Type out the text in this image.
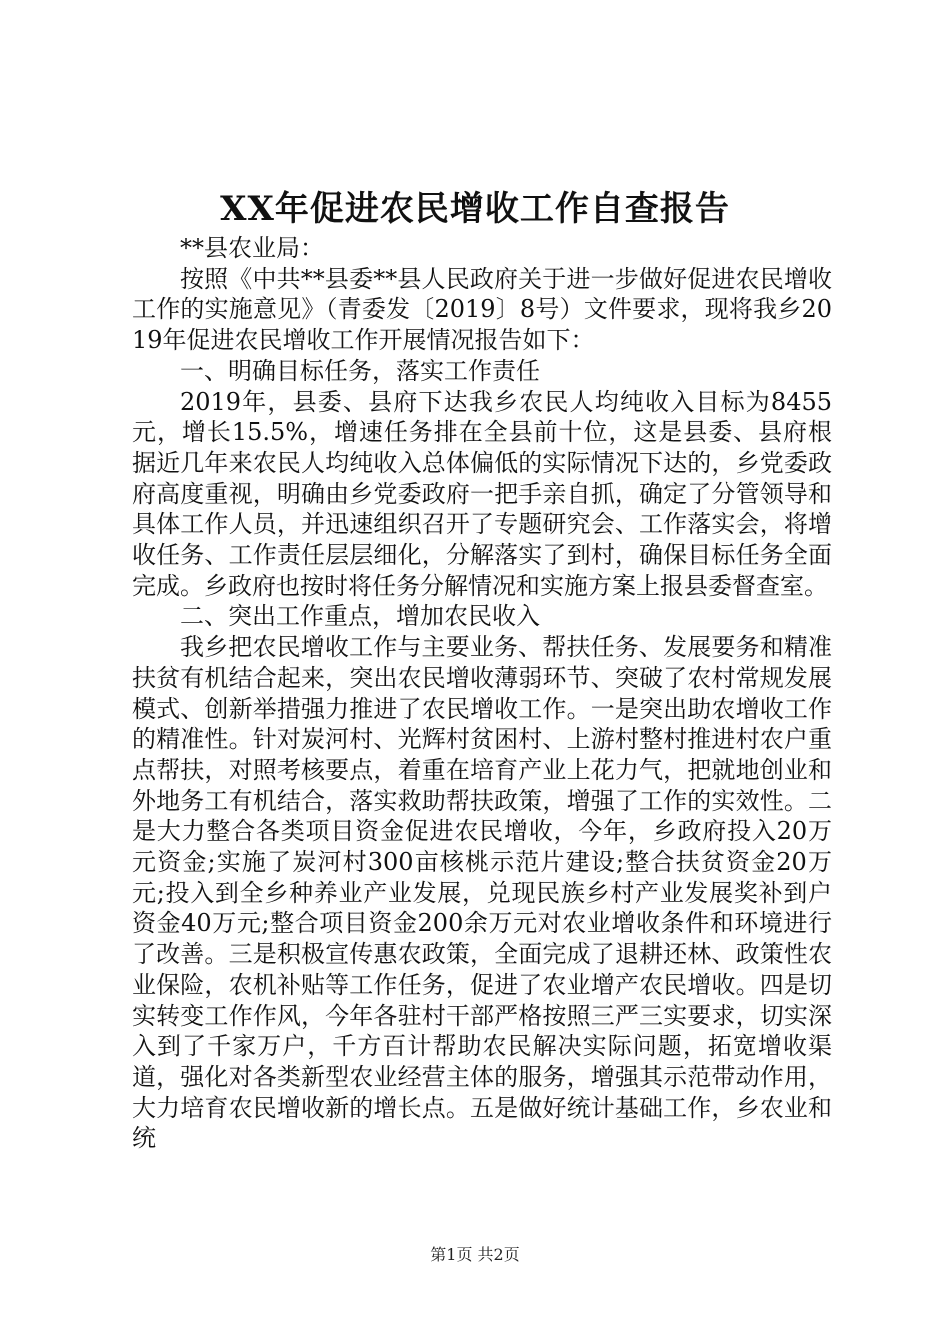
XX年促进农民增收工作自查报告

**县农业局：

按照《中共**县委**县人民政府关于进一步做好促进农民增收工作的实施意见》（青委发〔2019〕8号）文件要求，现将我乡2019年促进农民增收工作开展情况报告如下：

一、明确目标任务，落实工作责任

2019年，县委、县府下达我乡农民人均纯收入目标为8455元，增长15.5%，增速任务排在全县前十位，这是县委、县府根据近几年来农民人均纯收入总体偏低的实际情况下达的，乡党委政府高度重视，明确由乡党委政府一把手亲自抓，确定了分管领导和具体工作人员，并迅速组织召开了专题研究会、工作落实会，将增收任务、工作责任层层细化，分解落实了到村，确保目标任务全面完成。乡政府也按时将任务分解情况和实施方案上报县委督查室。

二、突出工作重点，增加农民收入

我乡把农民增收工作与主要业务、帮扶任务、发展要务和精准扶贫有机结合起来，突出农民增收薄弱环节、突破了农村常规发展模式、创新举措强力推进了农民增收工作。一是突出助农增收工作的精准性。针对炭河村、光辉村贫困村、上游村整村推进村农户重点帮扶，对照考核要点，着重在培育产业上花力气，把就地创业和外地务工有机结合，落实救助帮扶政策，增强了工作的实效性。二是大力整合各类项目资金促进农民增收，今年，乡政府投入20万元资金;实施了炭河村300亩核桃示范片建设;整合扶贫资金20万元;投入到全乡种养业产业发展，兑现民族乡村产业发展奖补到户资金40万元;整合项目资金200余万元对农业增收条件和环境进行了改善。三是积极宣传惠农政策，全面完成了退耕还林、政策性农业保险，农机补贴等工作任务，促进了农业增产农民增收。四是切实转变工作作风，今年各驻村干部严格按照三严三实要求，切实深入到了千家万户，千方百计帮助农民解决实际问题，拓宽增收渠道，强化对各类新型农业经营主体的服务，增强其示范带动作用，大力培育农民增收新的增长点。五是做好统计基础工作，乡农业和统

第1页 共2页
